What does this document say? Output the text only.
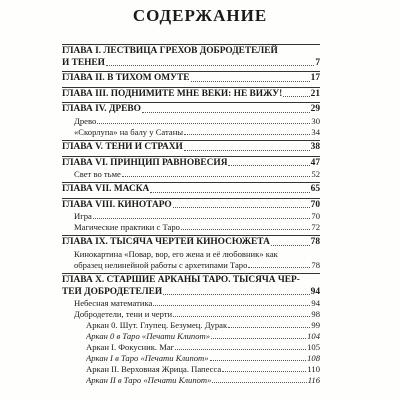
СОДЕРЖАНИЕ
ГЛАВА I. ЛЕСТВИЦА ГРЕХОВ ДОБРОДЕТЕЛЕЙ
И ТЕНЕЙ	7
ГЛАВА II. В ТИХОМ ОМУТЕ	17
ГЛАВА III. ПОДНИМИТЕ МНЕ ВЕКИ: НЕ ВИЖУ!	21
ГЛАВА IV. ДРЕВО	29
Древо	30
«Скорлупа» на балу у Сатаны	34
ГЛАВА V. ТЕНИ И СТРАХИ	38
ГЛАВА VI. ПРИНЦИП РАВНОВЕСИЯ	47
Свет во тьме	52
ГЛАВА VII. МАСКА	65
ГЛАВА VIII. КИНОТАРО	70
Игра	70
Магические практики с Таро	72
ГЛАВА IX. ТЫСЯЧА ЧЕРТЕЙ КИНОСЮЖЕТА	78
Кинокартина «Повар, вор, его жена и её любовник» как
образец нелинейной работы с архетипами Таро	78
ГЛАВА X. СТАРШИЕ АРКАНЫ ТАРО. ТЫСЯЧА ЧЕР-
ТЕЙ ДОБРОДЕТЕЛЕЙ	94
Небесная математика	94
Добродетели, тени и черти	98
Аркан 0. Шут. Глупец. Безумец. Дурак	99
Аркан 0 в Таро «Печати Клипот»	104
Аркан I. Фокусник. Маг	105
Аркан I в Таро «Печати Клипот»	108
Аркан II. Верховная Жрица. Папесса	110
Аркан II в Таро «Печати Клипот»	116
